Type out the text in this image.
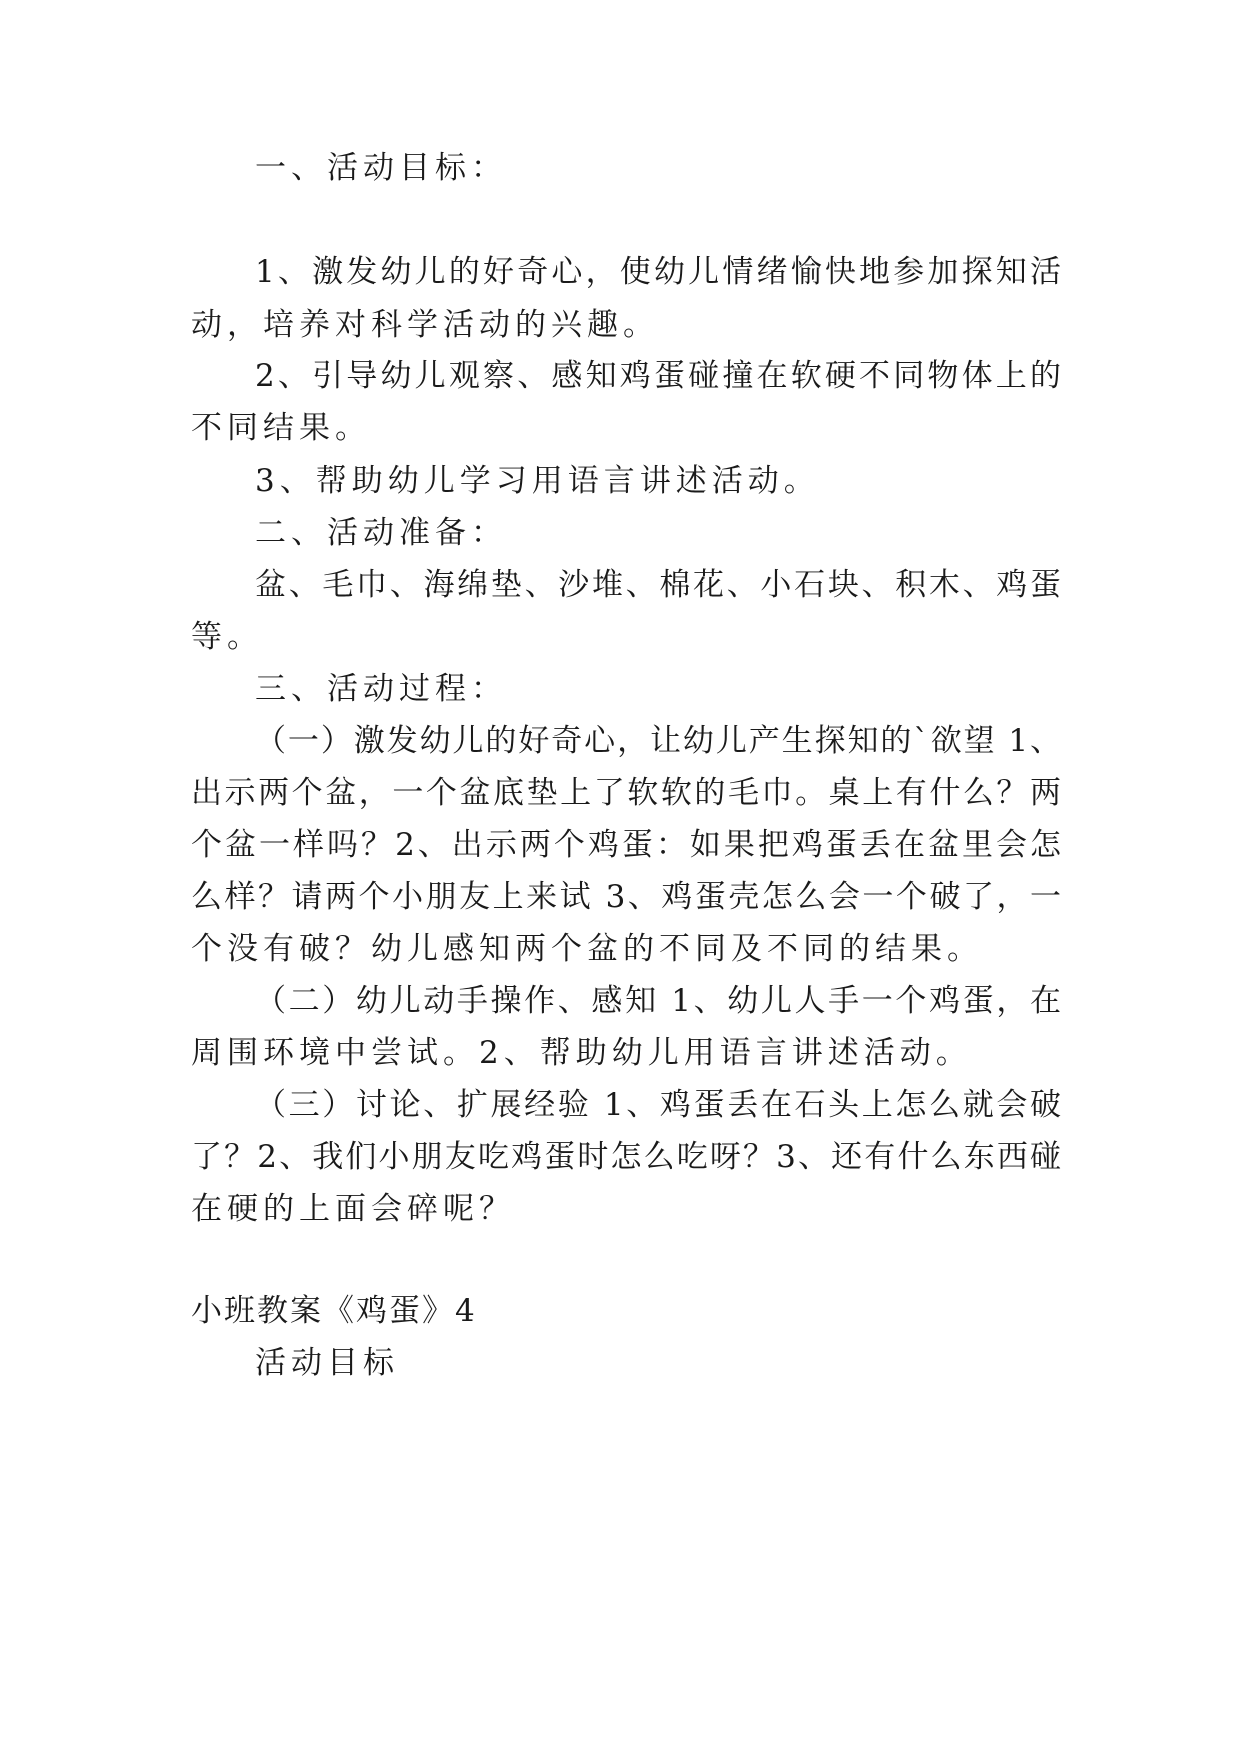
一、活动目标：
1、激发幼儿的好奇心，使幼儿情绪愉快地参加探知活
动，培养对科学活动的兴趣。
2、引导幼儿观察、感知鸡蛋碰撞在软硬不同物体上的
不同结果。
3、帮助幼儿学习用语言讲述活动。
二、活动准备：
盆、毛巾、海绵垫、沙堆、棉花、小石块、积木、鸡蛋
等。
三、活动过程：
（一）激发幼儿的好奇心，让幼儿产生探知的`欲望 1、
出示两个盆，一个盆底垫上了软软的毛巾。桌上有什么？两
个盆一样吗？2、出示两个鸡蛋：如果把鸡蛋丢在盆里会怎
么样？请两个小朋友上来试 3、鸡蛋壳怎么会一个破了，一
个没有破？幼儿感知两个盆的不同及不同的结果。
（二）幼儿动手操作、感知 1、幼儿人手一个鸡蛋，在
周围环境中尝试。2、帮助幼儿用语言讲述活动。
（三）讨论、扩展经验 1、鸡蛋丢在石头上怎么就会破
了？2、我们小朋友吃鸡蛋时怎么吃呀？3、还有什么东西碰
在硬的上面会碎呢？
小班教案《鸡蛋》4
活动目标
